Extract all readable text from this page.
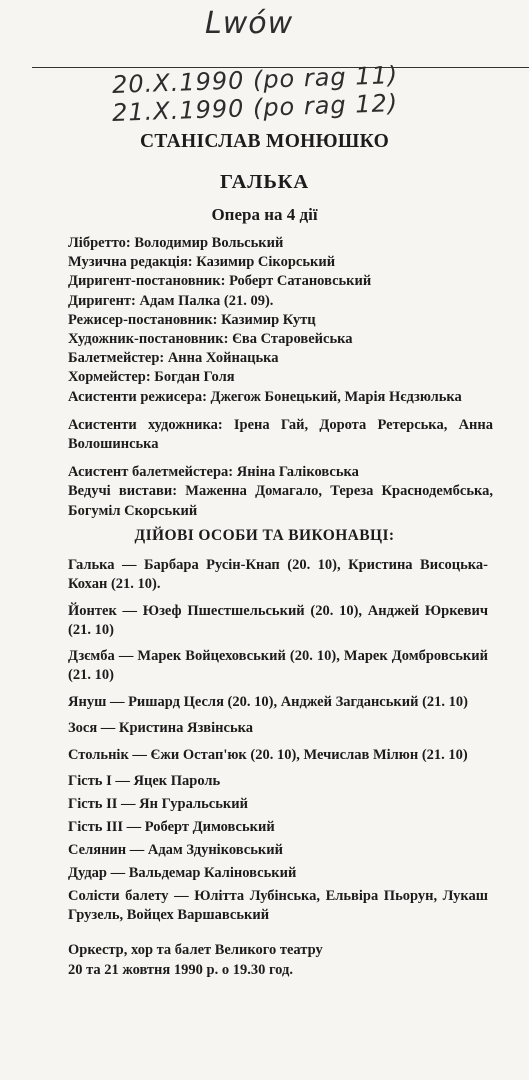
Lwów
20.X.1990 (po rag 11)
21.X.1990 (po rag 12)
СТАНІСЛАВ МОНЮШКО
ГАЛЬКА
Опера на 4 дії
Лібретто: Володимир Вольський
Музична редакція: Казимир Сікорський
Диригент-постановник: Роберт Сатановський
Диригент: Адам Палка (21. 09).
Режисер-постановник: Казимир Кутц
Художник-постановник: Єва Старовейська
Балетмейстер: Анна Хойнацька
Хормейстер: Богдан Голя
Асистенти режисера: Джегож Бонецький, Марія Нєдзюлька
Асистенти художника: Ірена Гай, Дорота Ретерська, Анна Волошинська
Асистент балетмейстера: Яніна Галіковська
Ведучі вистави: Маженна Домагало, Тереза Краснодембська, Богуміл Скорський
ДІЙОВІ ОСОБИ ТА ВИКОНАВЦІ:
Галька — Барбара Русін-Кнап (20. 10), Кристина Висоцька-Кохан (21. 10).
Йонтек — Юзеф Пшестшельський (20. 10), Анджей Юркевич (21. 10)
Дзємба — Марек Войцеховський (20. 10), Марек Домбровський (21. 10)
Януш — Ришард Цесля (20. 10), Анджей Загданський (21. 10)
Зося — Кристина Язвінська
Стольнік — Єжи Остап'юк (20. 10), Мечислав Мілюн (21. 10)
Гість І — Яцек Пароль
Гість ІІ — Ян Гуральський
Гість ІІІ — Роберт Димовський
Селянин — Адам Здуніковський
Дудар — Вальдемар Каліновський
Солісти балету — Юлітта Лубінська, Ельвіра Пьорун, Лукаш Грузель, Войцех Варшавський
Оркестр, хор та балет Великого театру
20 та 21 жовтня 1990 р. о 19.30 год.
